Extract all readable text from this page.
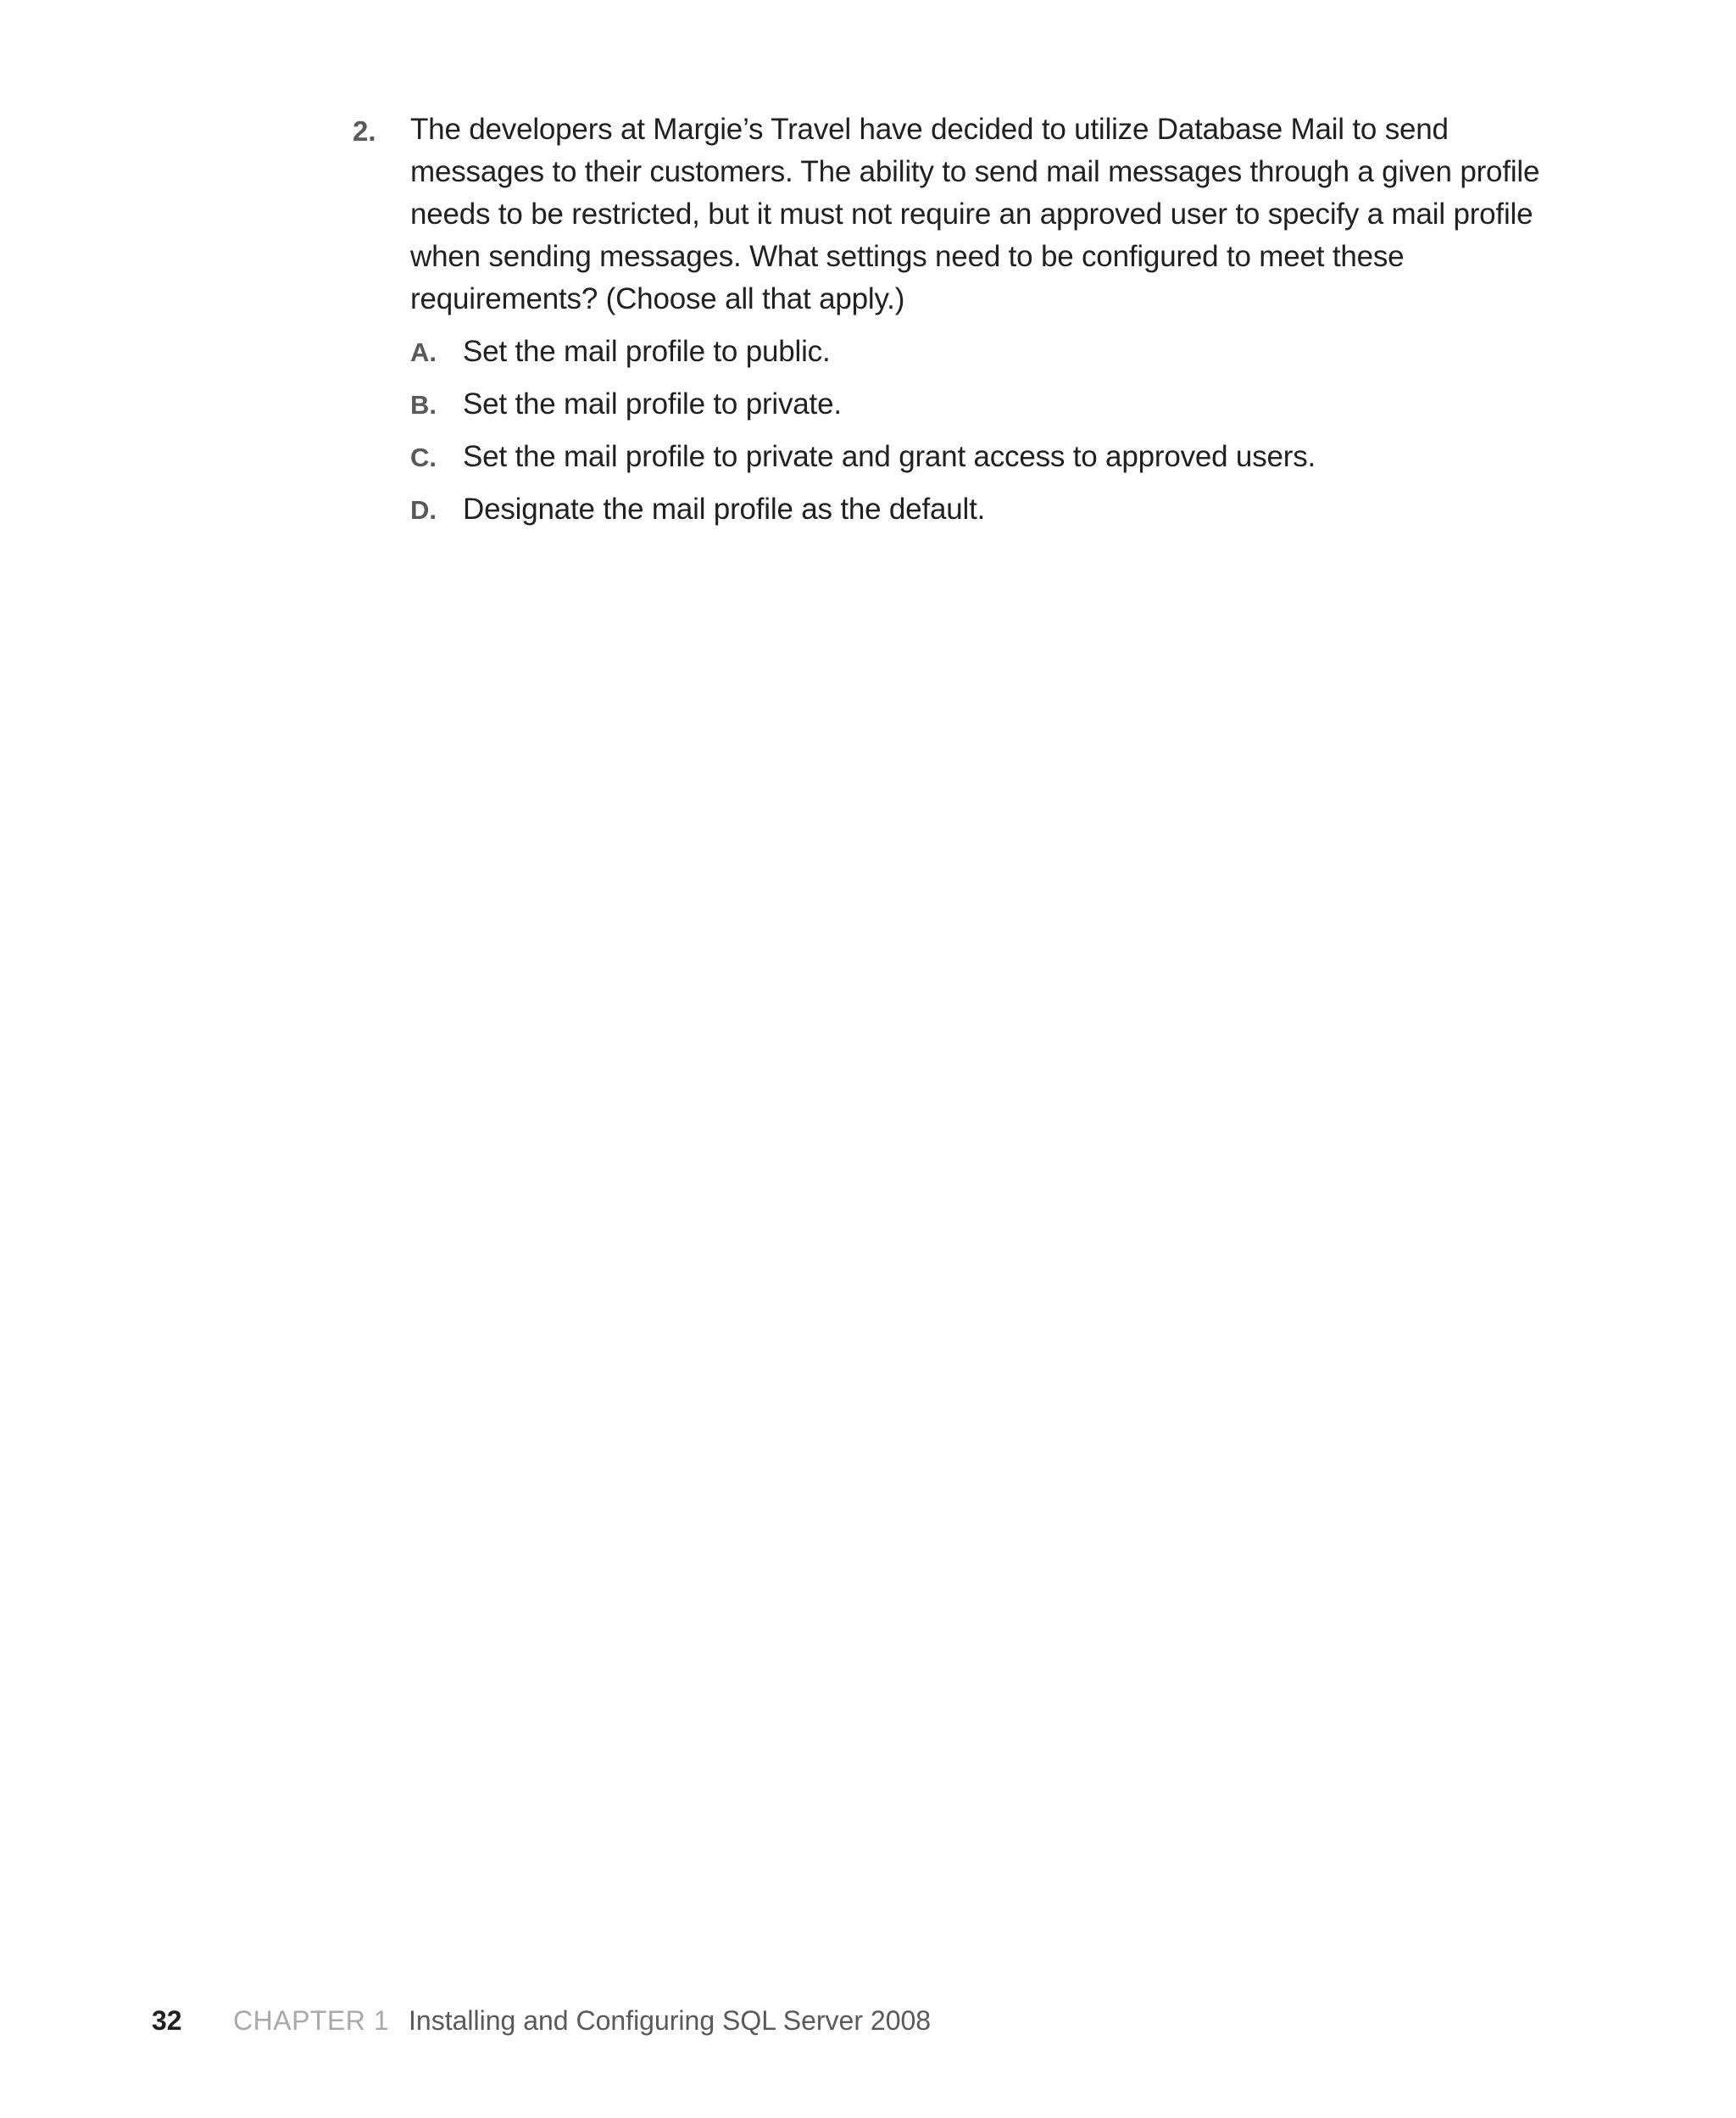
2. The developers at Margie’s Travel have decided to utilize Database Mail to send messages to their customers. The ability to send mail messages through a given profile needs to be restricted, but it must not require an approved user to specify a mail profile when sending messages. What settings need to be configured to meet these requirements? (Choose all that apply.)
A. Set the mail profile to public.
B. Set the mail profile to private.
C. Set the mail profile to private and grant access to approved users.
D. Designate the mail profile as the default.
32 CHAPTER 1 Installing and Configuring SQL Server 2008
